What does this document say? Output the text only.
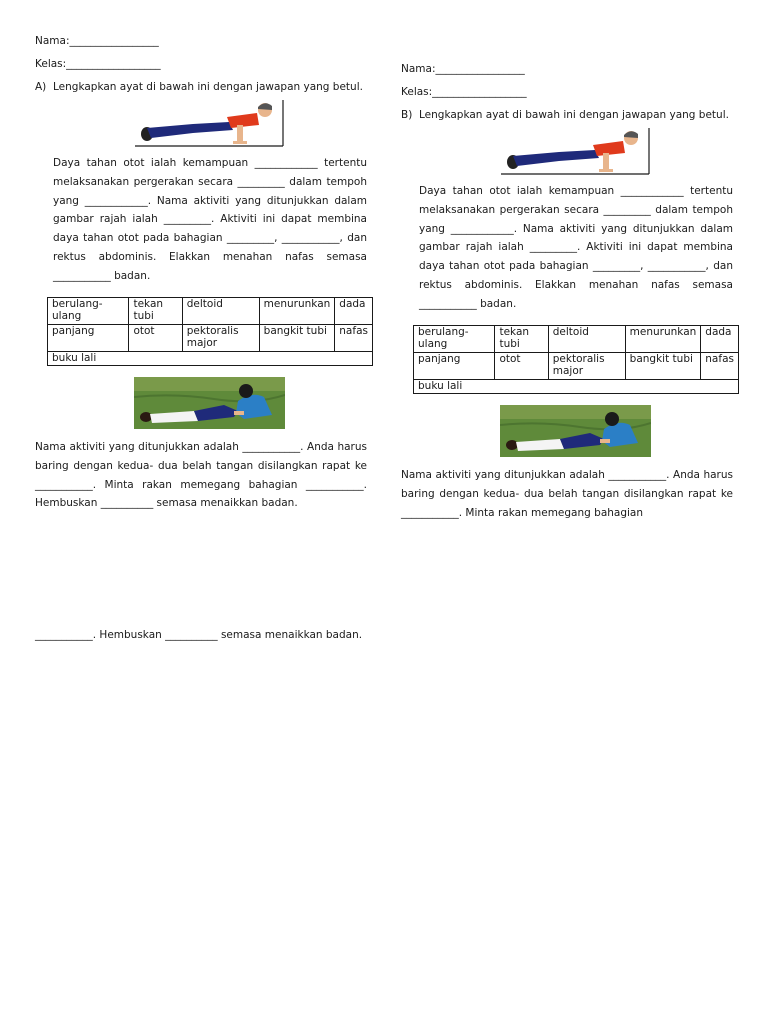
Nama:_________________
Kelas:__________________
A) Lengkapkan ayat di bawah ini dengan jawapan yang betul.

Daya tahan otot ialah kemampuan ____________ tertentu melaksanakan pergerakan secara _________ dalam tempoh yang ____________. Nama aktiviti yang ditunjukkan dalam gambar rajah ialah _________. Aktiviti ini dapat membina daya tahan otot pada bahagian _________, ___________, dan rektus abdominis. Elakkan menahan nafas semasa ___________ badan.

berulang-ulang	tekan tubi	deltoid	menurunkan	dada
panjang	otot	pektoralis major	bangkit tubi	nafas
buku lali				

Nama aktiviti yang ditunjukkan adalah ___________. Anda harus baring dengan kedua- dua belah tangan disilangkan rapat ke ___________. Minta rakan memegang bahagian ___________. Hembuskan __________ semasa menaikkan badan.

___________. Hembuskan __________ semasa menaikkan badan.

Nama:_________________
Kelas:__________________
B) Lengkapkan ayat di bawah ini dengan jawapan yang betul.

Daya tahan otot ialah kemampuan ____________ tertentu melaksanakan pergerakan secara _________ dalam tempoh yang ____________. Nama aktiviti yang ditunjukkan dalam gambar rajah ialah _________. Aktiviti ini dapat membina daya tahan otot pada bahagian _________, ___________, dan rektus abdominis. Elakkan menahan nafas semasa ___________ badan.

berulang-ulang	tekan tubi	deltoid	menurunkan	dada
panjang	otot	pektoralis major	bangkit tubi	nafas
buku lali				

Nama aktiviti yang ditunjukkan adalah ___________. Anda harus baring dengan kedua- dua belah tangan disilangkan rapat ke ___________. Minta rakan memegang bahagian
